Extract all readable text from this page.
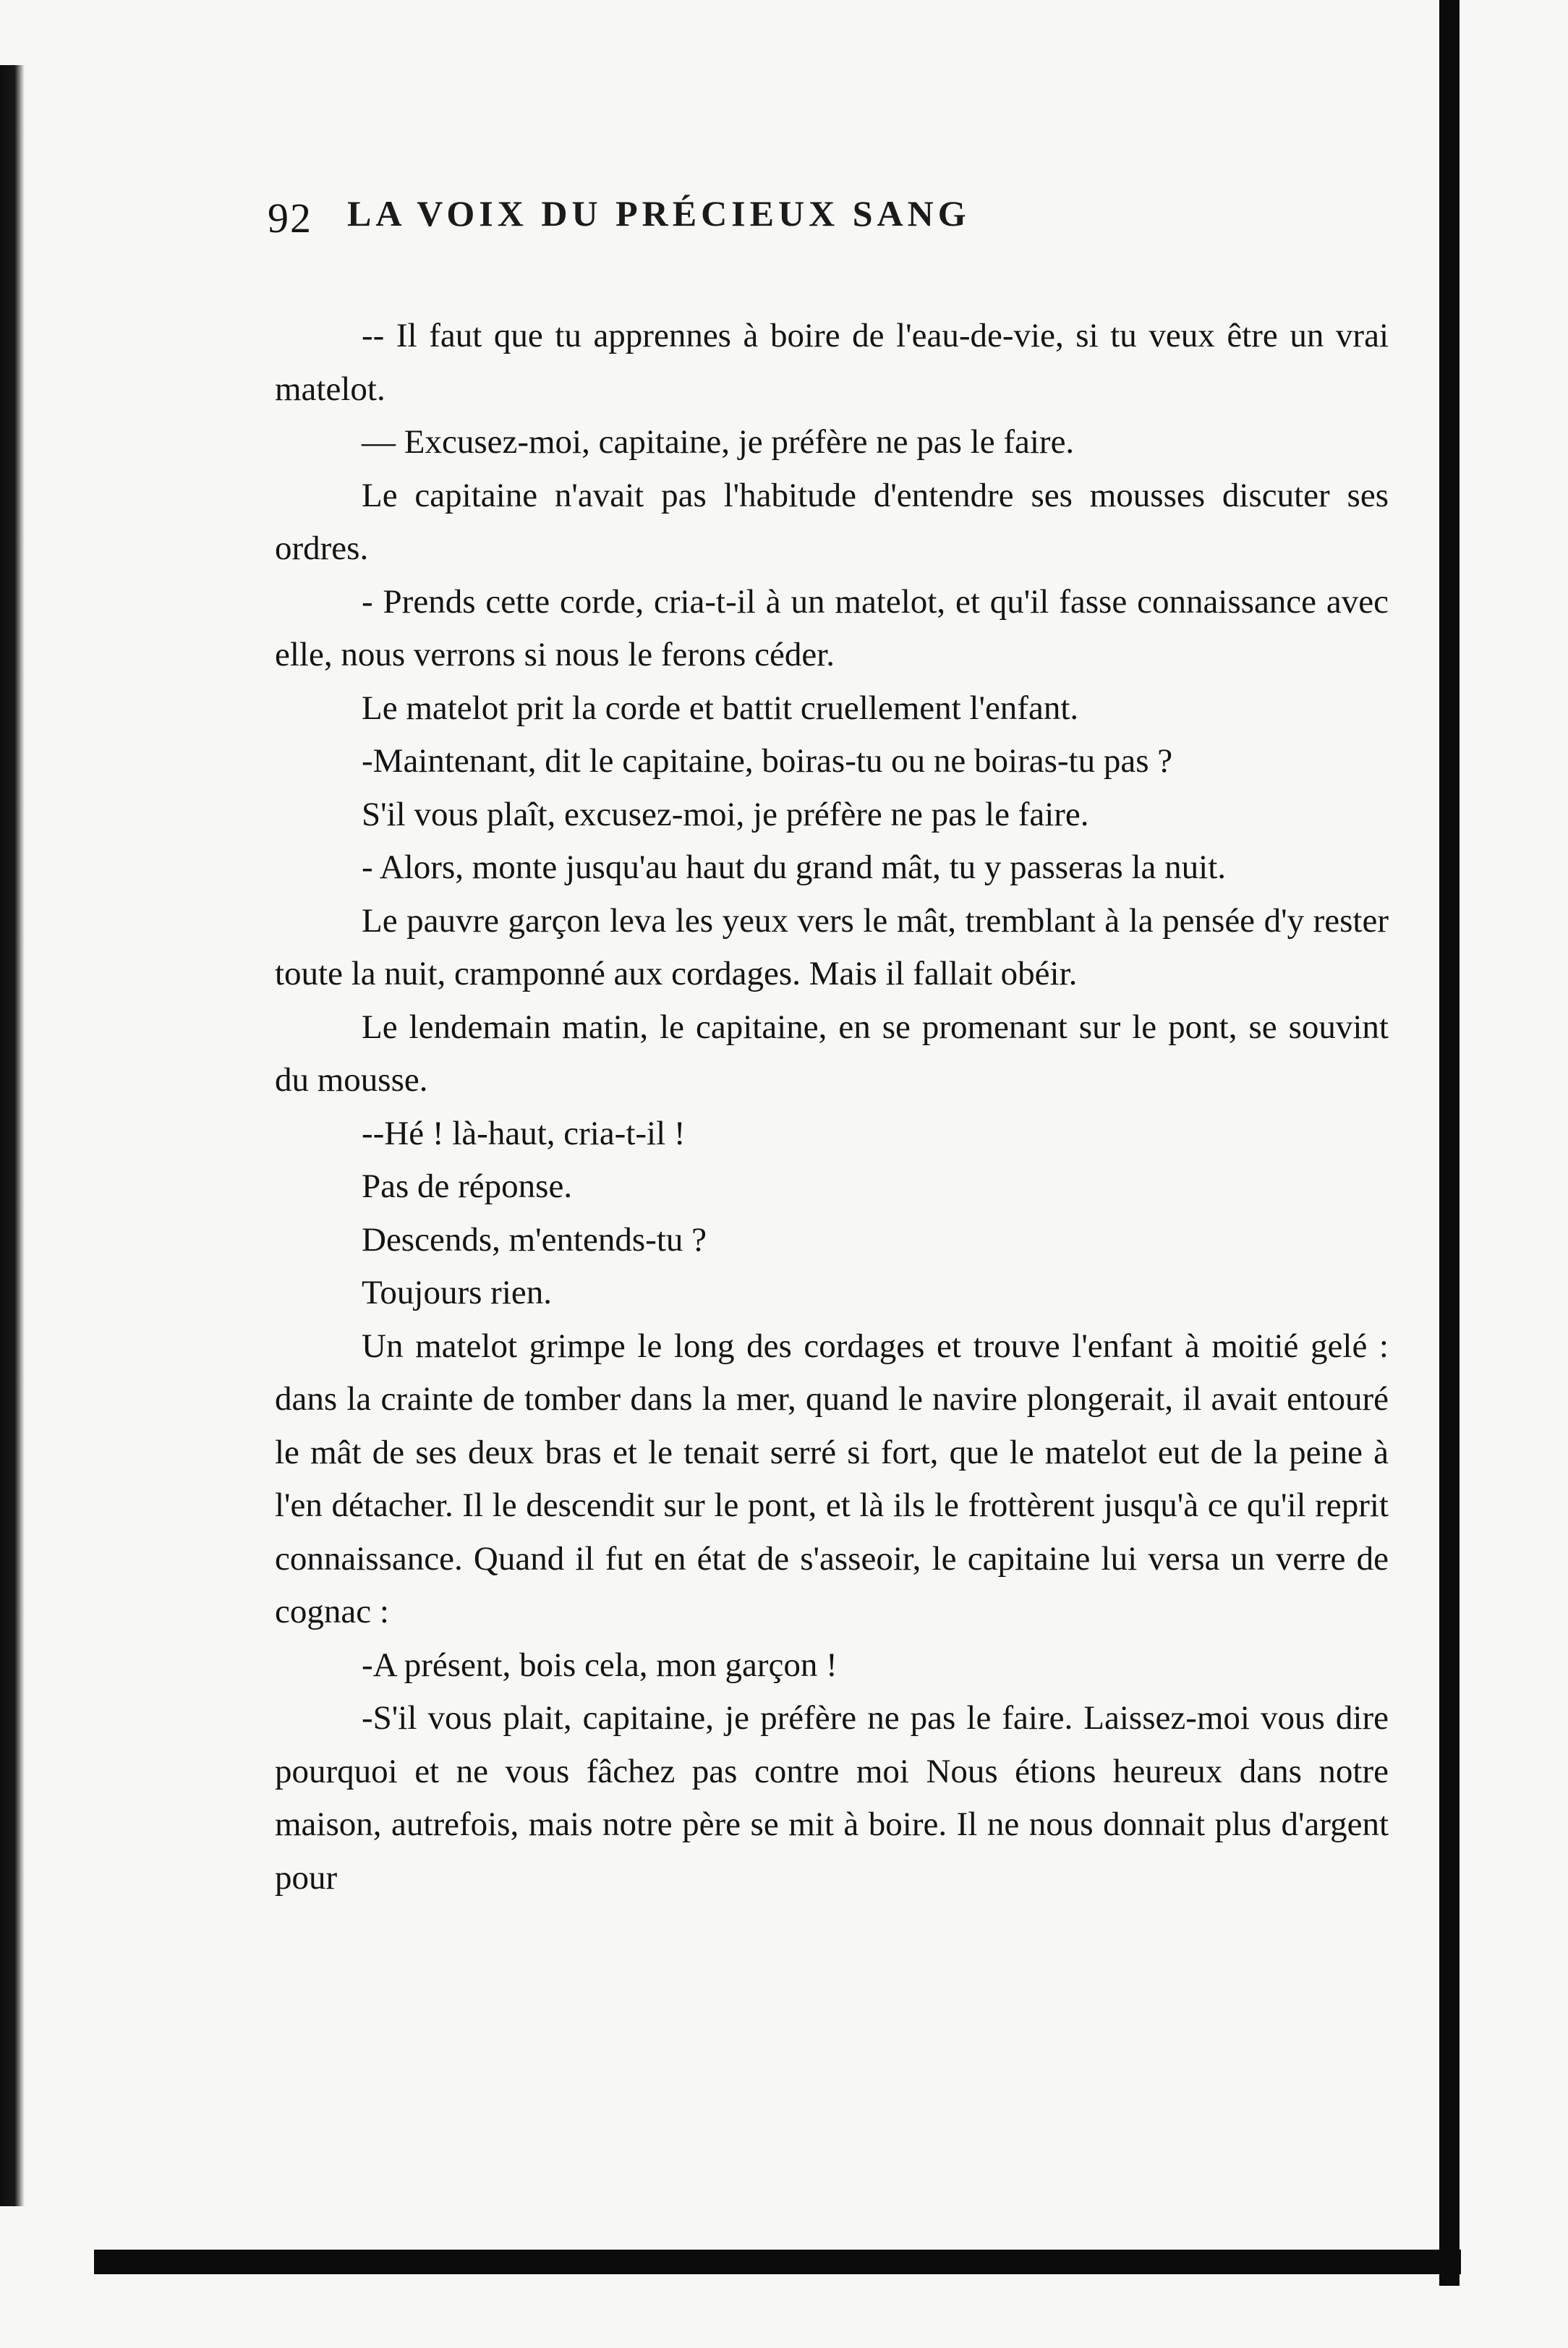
92 LA VOIX DU PRÉCIEUX SANG

-- Il faut que tu apprennes à boire de l'eau-de-vie, si tu veux être un vrai matelot.

— Excusez-moi, capitaine, je préfère ne pas le faire.

Le capitaine n'avait pas l'habitude d'entendre ses mousses discuter ses ordres.

- Prends cette corde, cria-t-il à un matelot, et qu'il fasse connaissance avec elle, nous verrons si nous le ferons céder.

Le matelot prit la corde et battit cruellement l'enfant.

-Maintenant, dit le capitaine, boiras-tu ou ne boiras-tu pas ?

S'il vous plaît, excusez-moi, je préfère ne pas le faire.

- Alors, monte jusqu'au haut du grand mât, tu y passeras la nuit.

Le pauvre garçon leva les yeux vers le mât, tremblant à la pensée d'y rester toute la nuit, cramponné aux cordages. Mais il fallait obéir.

Le lendemain matin, le capitaine, en se promenant sur le pont, se souvint du mousse.

--Hé ! là-haut, cria-t-il !

Pas de réponse.

Descends, m'entends-tu ?

Toujours rien.

Un matelot grimpe le long des cordages et trouve l'enfant à moitié gelé : dans la crainte de tomber dans la mer, quand le navire plongerait, il avait entouré le mât de ses deux bras et le tenait serré si fort, que le matelot eut de la peine à l'en détacher. Il le descendit sur le pont, et là ils le frottèrent jusqu'à ce qu'il reprit connaissance. Quand il fut en état de s'asseoir, le capitaine lui versa un verre de cognac :

-A présent, bois cela, mon garçon !

-S'il vous plait, capitaine, je préfère ne pas le faire. Laissez-moi vous dire pourquoi et ne vous fâchez pas contre moi Nous étions heureux dans notre maison, autrefois, mais notre père se mit à boire. Il ne nous donnait plus d'argent pour
